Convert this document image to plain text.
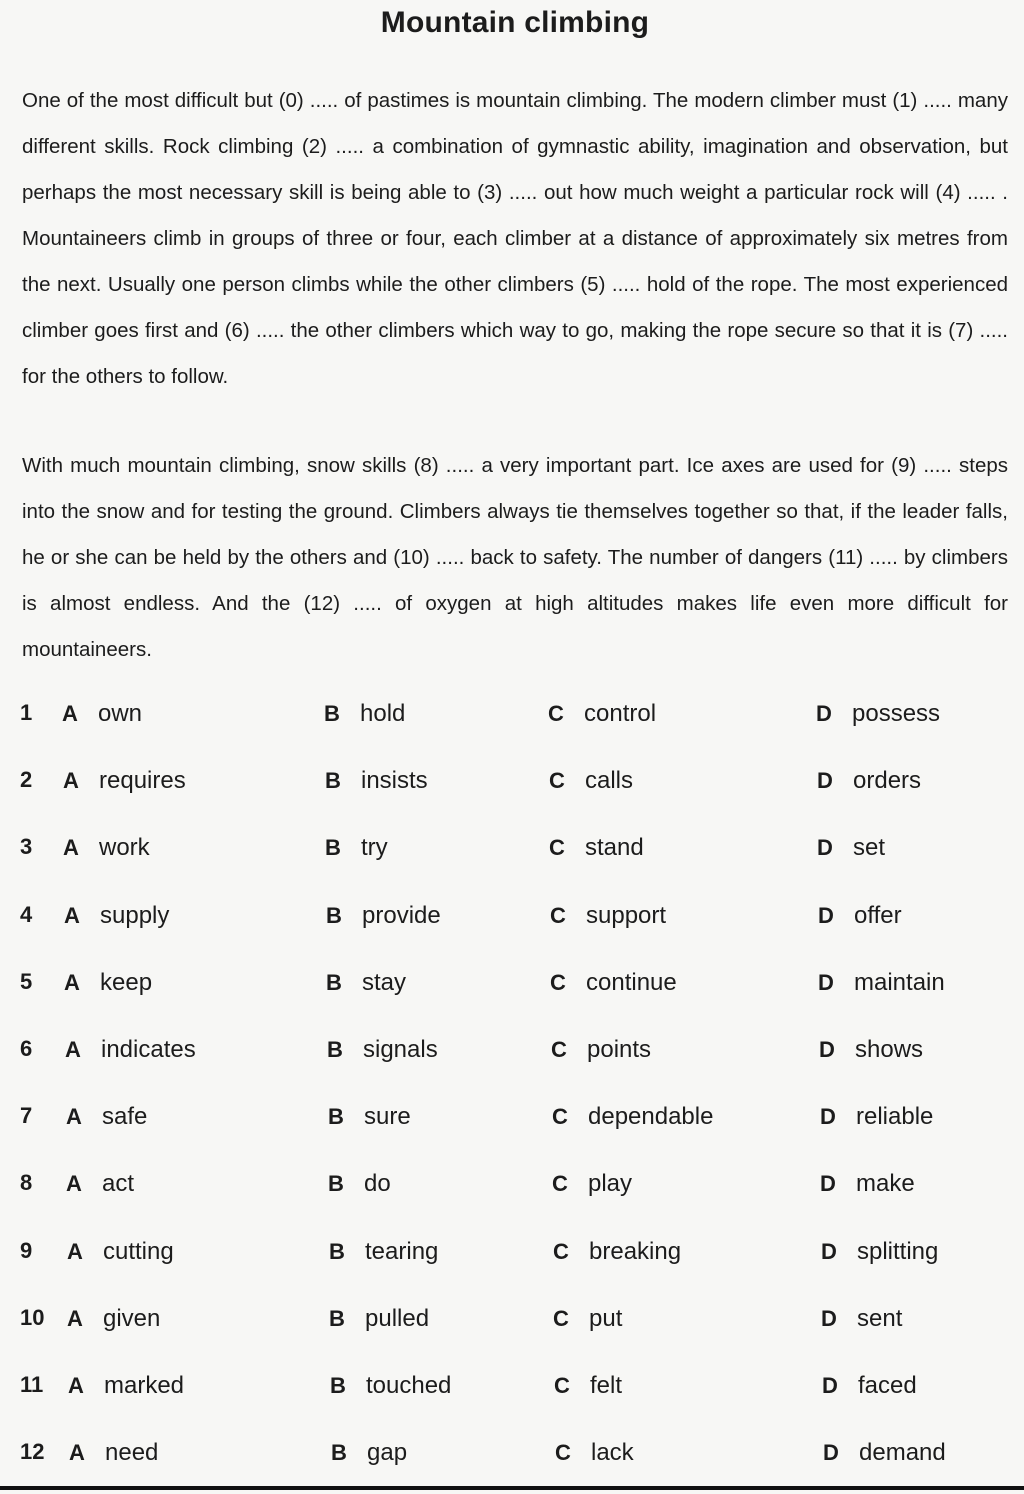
Mountain climbing

One of the most difficult but (0) ..... of pastimes is mountain climbing. The modern climber must (1) ..... many different skills. Rock climbing (2) ..... a combination of gymnastic ability, imagination and observation, but perhaps the most necessary skill is being able to (3) ..... out how much weight a particular rock will (4) ..... . Mountaineers climb in groups of three or four, each climber at a distance of approximately six metres from the next. Usually one person climbs while the other climbers (5) ..... hold of the rope. The most experienced climber goes first and (6) ..... the other climbers which way to go, making the rope secure so that it is (7) ..... for the others to follow.

With much mountain climbing, snow skills (8) ..... a very important part. Ice axes are used for (9) ..... steps into the snow and for testing the ground. Climbers always tie themselves together so that, if the leader falls, he or she can be held by the others and (10) ..... back to safety. The number of dangers (11) ..... by climbers is almost endless. And the (12) ..... of oxygen at high altitudes makes life even more difficult for mountaineers.

1	A own	B hold	C control	D possess
2	A requires	B insists	C calls	D orders
3	A work	B try	C stand	D set
4	A supply	B provide	C support	D offer
5	A keep	B stay	C continue	D maintain
6	A indicates	B signals	C points	D shows
7	A safe	B sure	C dependable	D reliable
8	A act	B do	C play	D make
9	A cutting	B tearing	C breaking	D splitting
10	A given	B pulled	C put	D sent
11	A marked	B touched	C felt	D faced
12	A need	B gap	C lack	D demand
